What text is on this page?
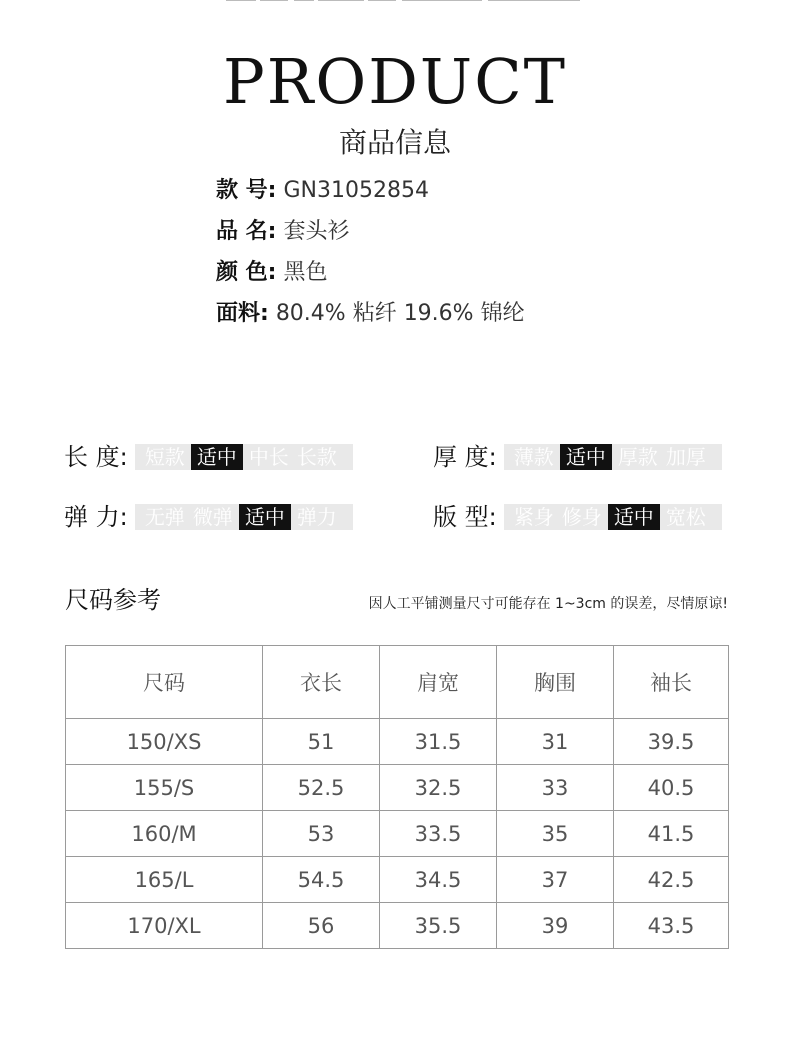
PRODUCT
商品信息
款 号: GN31052854
品 名: 套头衫
颜 色: 黑色
面料: 80.4% 粘纤 19.6% 锦纶
长 度: 短款 适中 中长 长款	厚 度: 薄款 适中 厚款 加厚
弹 力: 无弹 微弹 适中 弹力	版 型: 紧身 修身 适中 宽松
尺码参考	因人工平铺测量尺寸可能存在 1~3cm 的误差，尽情原谅!
尺码	衣长	肩宽	胸围	袖长
150/XS	51	31.5	31	39.5
155/S	52.5	32.5	33	40.5
160/M	53	33.5	35	41.5
165/L	54.5	34.5	37	42.5
170/XL	56	35.5	39	43.5
